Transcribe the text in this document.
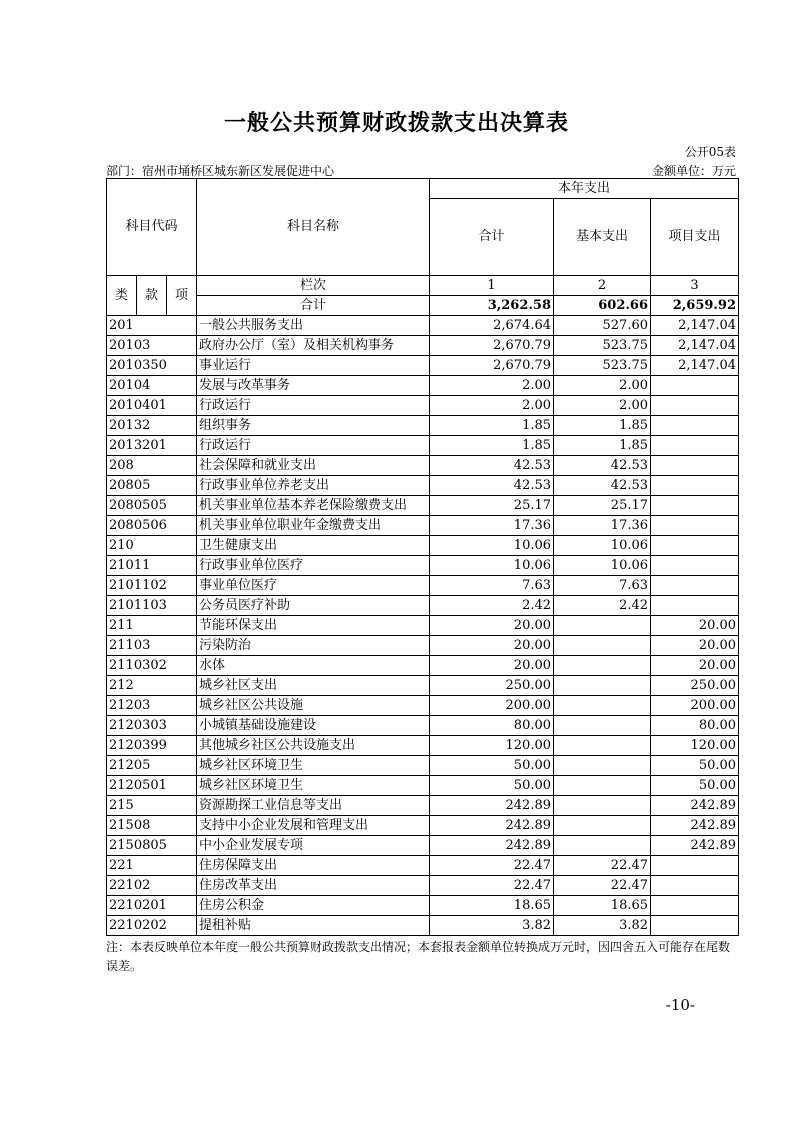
一般公共预算财政拨款支出决算表
公开05表
部门：宿州市埇桥区城东新区发展促进中心	金额单位：万元
科目代码			科目名称	本年支出		
				合计	基本支出	项目支出
类	款	项	栏次	1	2	3
			合计	3,262.58	602.66	2,659.92
201			一般公共服务支出	2,674.64	527.60	2,147.04
20103			政府办公厅（室）及相关机构事务	2,670.79	523.75	2,147.04
2010350			事业运行	2,670.79	523.75	2,147.04
20104			发展与改革事务	2.00	2.00	
2010401			行政运行	2.00	2.00	
20132			组织事务	1.85	1.85	
2013201			行政运行	1.85	1.85	
208			社会保障和就业支出	42.53	42.53	
20805			行政事业单位养老支出	42.53	42.53	
2080505			机关事业单位基本养老保险缴费支出	25.17	25.17	
2080506			机关事业单位职业年金缴费支出	17.36	17.36	
210			卫生健康支出	10.06	10.06	
21011			行政事业单位医疗	10.06	10.06	
2101102			事业单位医疗	7.63	7.63	
2101103			公务员医疗补助	2.42	2.42	
211			节能环保支出	20.00		20.00
21103			污染防治	20.00		20.00
2110302			水体	20.00		20.00
212			城乡社区支出	250.00		250.00
21203			城乡社区公共设施	200.00		200.00
2120303			小城镇基础设施建设	80.00		80.00
2120399			其他城乡社区公共设施支出	120.00		120.00
21205			城乡社区环境卫生	50.00		50.00
2120501			城乡社区环境卫生	50.00		50.00
215			资源勘探工业信息等支出	242.89		242.89
21508			支持中小企业发展和管理支出	242.89		242.89
2150805			中小企业发展专项	242.89		242.89
221			住房保障支出	22.47	22.47	
22102			住房改革支出	22.47	22.47	
2210201			住房公积金	18.65	18.65	
2210202			提租补贴	3.82	3.82	
注：本表反映单位本年度一般公共预算财政拨款支出情况；本套报表金额单位转换成万元时，因四舍五入可能存在尾数误差。
-10-
